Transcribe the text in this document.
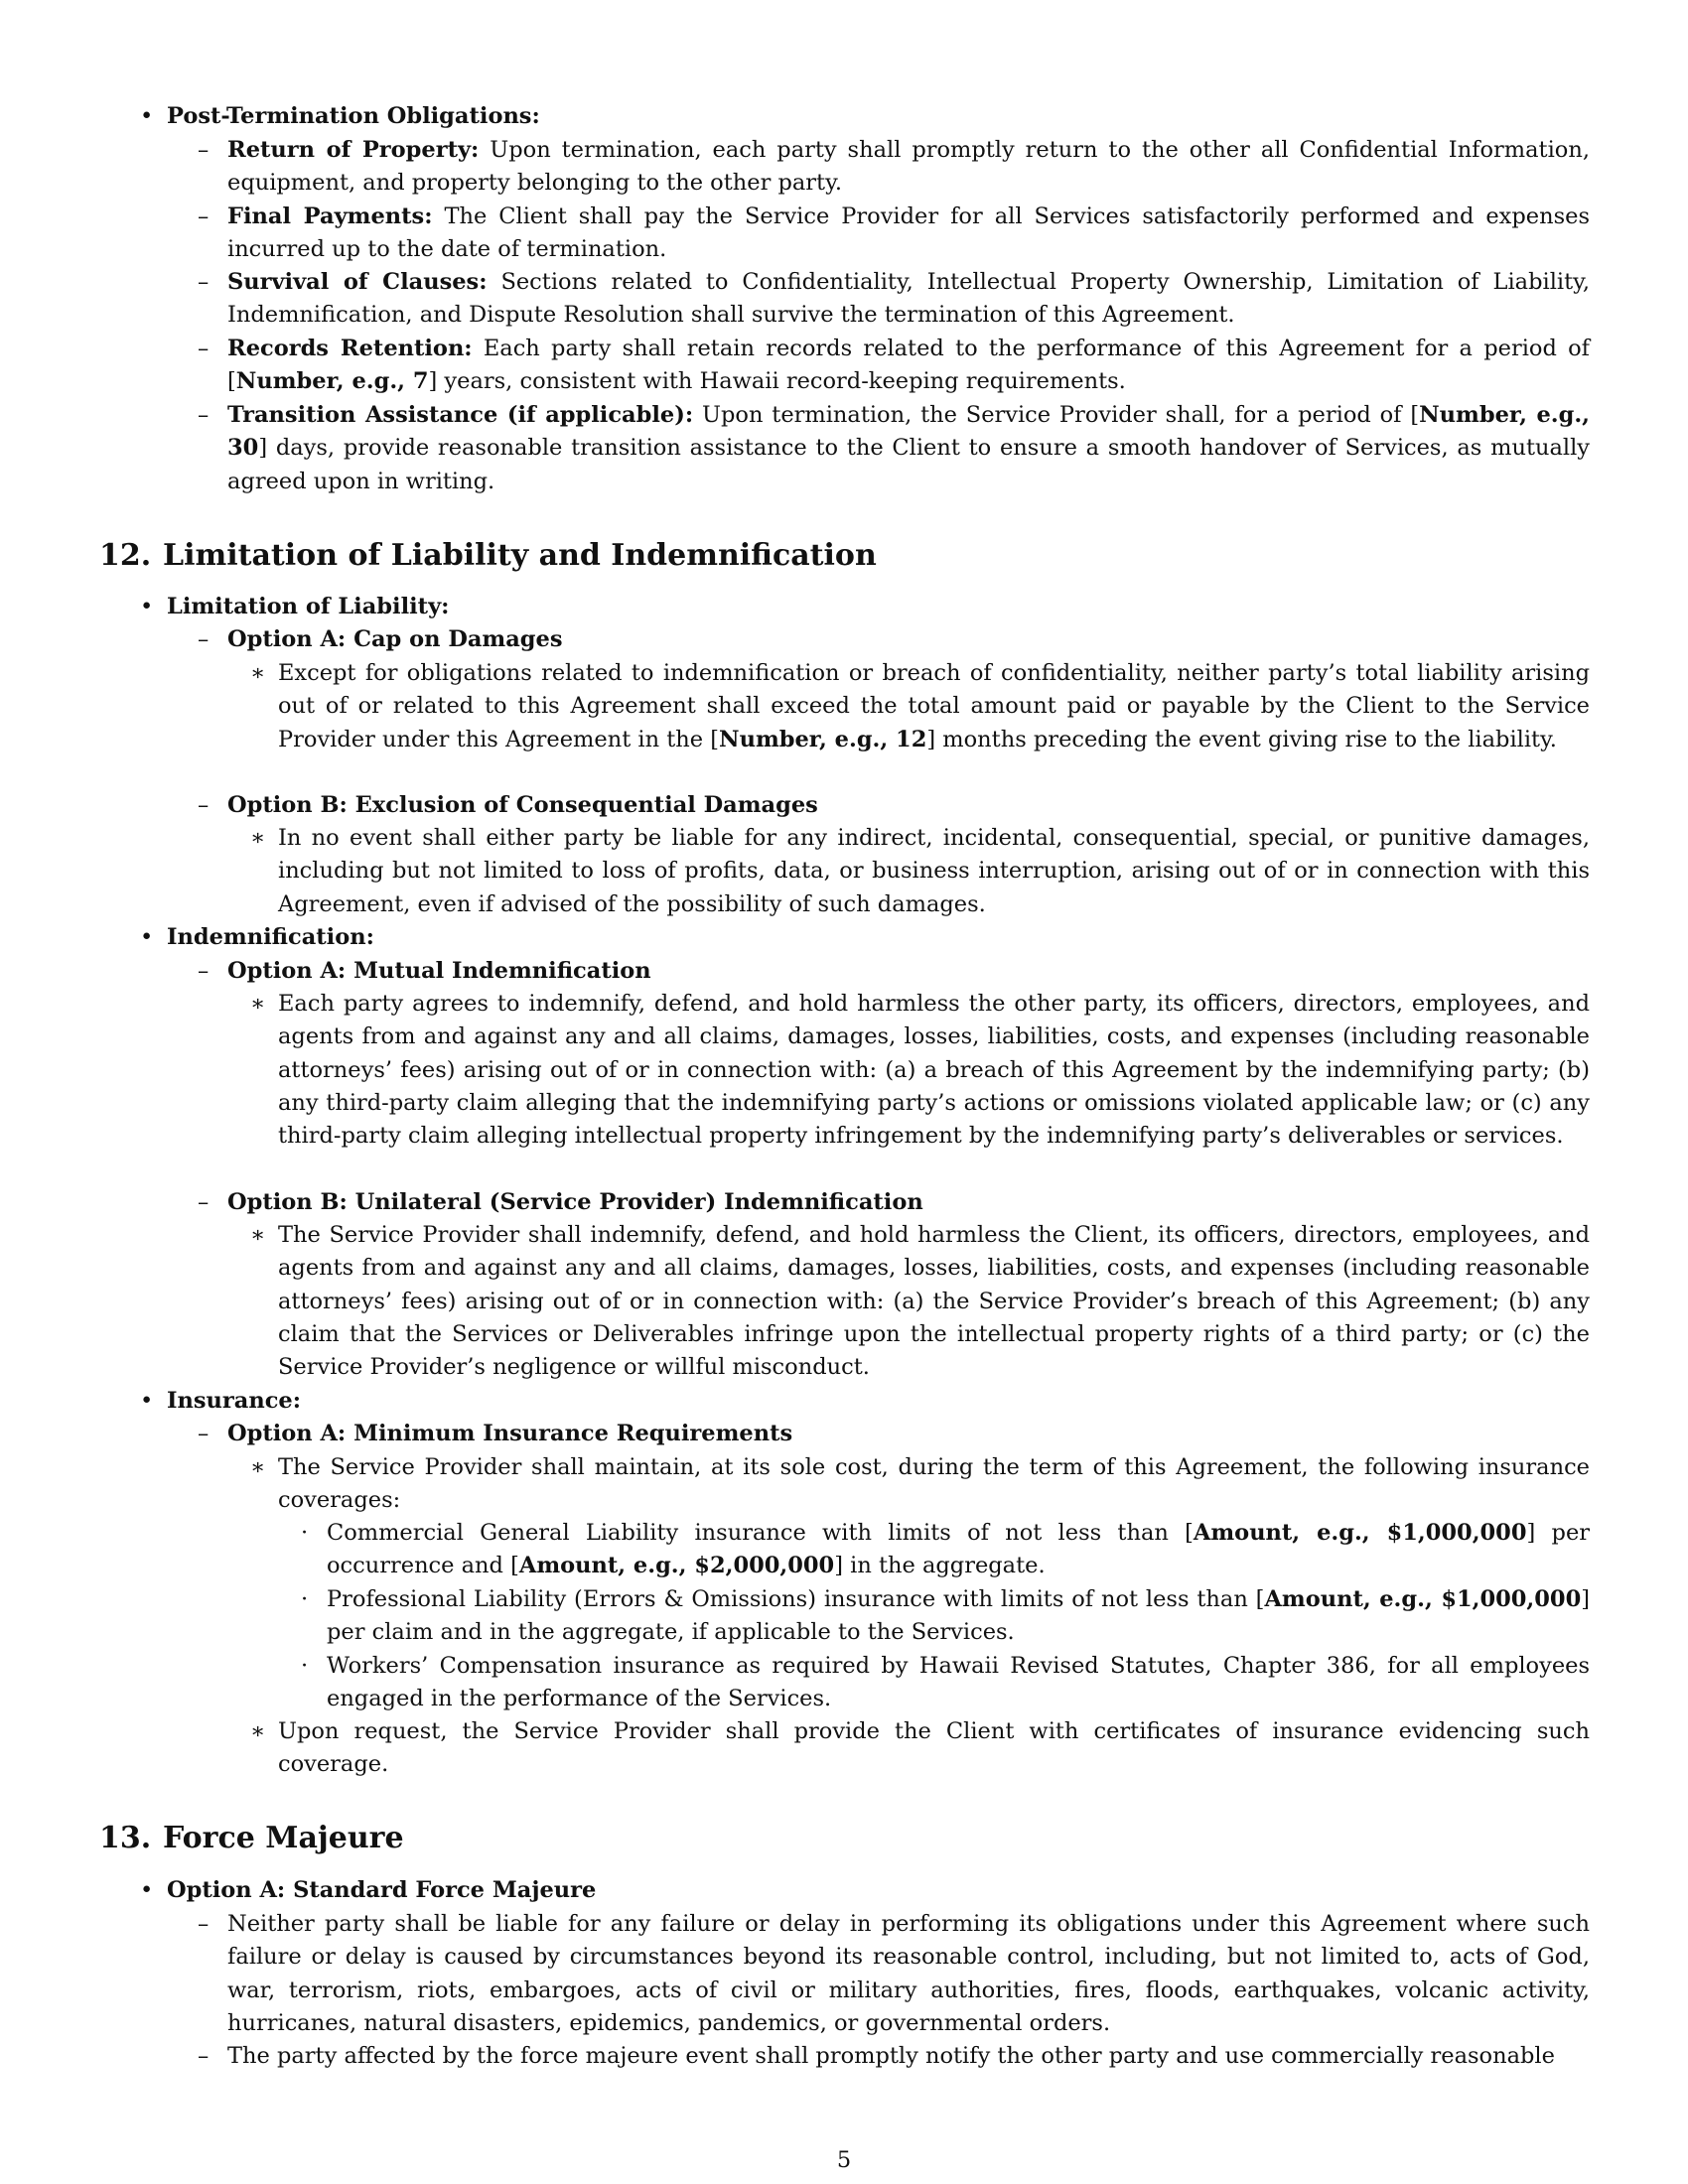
• Post-Termination Obligations:
– Return of Property: Upon termination, each party shall promptly return to the other all Confidential Information, equipment, and property belonging to the other party.
– Final Payments: The Client shall pay the Service Provider for all Services satisfactorily performed and expenses incurred up to the date of termination.
– Survival of Clauses: Sections related to Confidentiality, Intellectual Property Ownership, Limitation of Liability, Indemnification, and Dispute Resolution shall survive the termination of this Agreement.
– Records Retention: Each party shall retain records related to the performance of this Agreement for a period of [Number, e.g., 7] years, consistent with Hawaii record-keeping requirements.
– Transition Assistance (if applicable): Upon termination, the Service Provider shall, for a period of [Number, e.g., 30] days, provide reasonable transition assistance to the Client to ensure a smooth handover of Services, as mutually agreed upon in writing.
12. Limitation of Liability and Indemnification
• Limitation of Liability:
– Option A: Cap on Damages
∗ Except for obligations related to indemnification or breach of confidentiality, neither party’s total liability arising out of or related to this Agreement shall exceed the total amount paid or payable by the Client to the Service Provider under this Agreement in the [Number, e.g., 12] months preceding the event giving rise to the liability.
– Option B: Exclusion of Consequential Damages
∗ In no event shall either party be liable for any indirect, incidental, consequential, special, or punitive damages, including but not limited to loss of profits, data, or business interruption, arising out of or in connection with this Agreement, even if advised of the possibility of such damages.
• Indemnification:
– Option A: Mutual Indemnification
∗ Each party agrees to indemnify, defend, and hold harmless the other party, its officers, directors, employees, and agents from and against any and all claims, damages, losses, liabilities, costs, and expenses (including reasonable attorneys’ fees) arising out of or in connection with: (a) a breach of this Agreement by the indemnifying party; (b) any third-party claim alleging that the indemnifying party’s actions or omissions violated applicable law; or (c) any third-party claim alleging intellectual property infringement by the indemnifying party’s deliverables or services.
– Option B: Unilateral (Service Provider) Indemnification
∗ The Service Provider shall indemnify, defend, and hold harmless the Client, its officers, directors, employees, and agents from and against any and all claims, damages, losses, liabilities, costs, and expenses (including reasonable attorneys’ fees) arising out of or in connection with: (a) the Service Provider’s breach of this Agreement; (b) any claim that the Services or Deliverables infringe upon the intellectual property rights of a third party; or (c) the Service Provider’s negligence or willful misconduct.
• Insurance:
– Option A: Minimum Insurance Requirements
∗ The Service Provider shall maintain, at its sole cost, during the term of this Agreement, the following insurance coverages:
· Commercial General Liability insurance with limits of not less than [Amount, e.g., $1,000,000] per occurrence and [Amount, e.g., $2,000,000] in the aggregate.
· Professional Liability (Errors & Omissions) insurance with limits of not less than [Amount, e.g., $1,000,000] per claim and in the aggregate, if applicable to the Services.
· Workers’ Compensation insurance as required by Hawaii Revised Statutes, Chapter 386, for all employees engaged in the performance of the Services.
∗ Upon request, the Service Provider shall provide the Client with certificates of insurance evidencing such coverage.
13. Force Majeure
• Option A: Standard Force Majeure
– Neither party shall be liable for any failure or delay in performing its obligations under this Agreement where such failure or delay is caused by circumstances beyond its reasonable control, including, but not limited to, acts of God, war, terrorism, riots, embargoes, acts of civil or military authorities, fires, floods, earthquakes, volcanic activity, hurricanes, natural disasters, epidemics, pandemics, or governmental orders.
– The party affected by the force majeure event shall promptly notify the other party and use commercially reasonable
5
